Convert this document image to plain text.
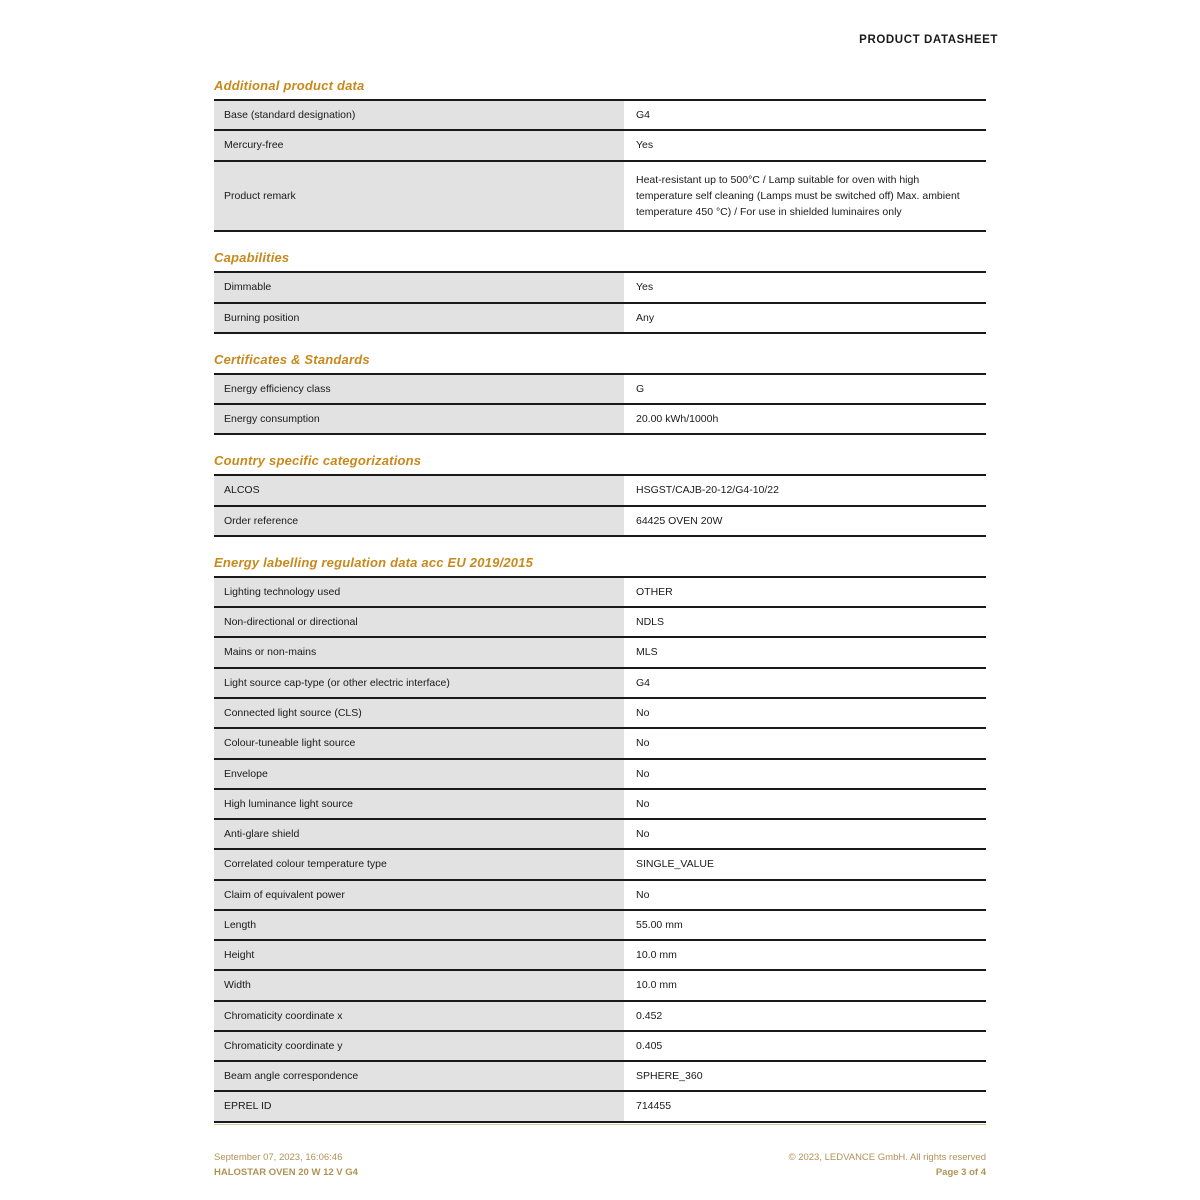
PRODUCT DATASHEET
Additional product data
Base (standard designation)	G4
Mercury-free	Yes
Product remark	Heat-resistant up to 500°C / Lamp suitable for oven with high temperature self cleaning (Lamps must be switched off) Max. ambient temperature 450 °C) / For use in shielded luminaires only
Capabilities
Dimmable	Yes
Burning position	Any
Certificates & Standards
Energy efficiency class	G
Energy consumption	20.00 kWh/1000h
Country specific categorizations
ALCOS	HSGST/CAJB-20-12/G4-10/22
Order reference	64425 OVEN 20W
Energy labelling regulation data acc EU 2019/2015
Lighting technology used	OTHER
Non-directional or directional	NDLS
Mains or non-mains	MLS
Light source cap-type (or other electric interface)	G4
Connected light source (CLS)	No
Colour-tuneable light source	No
Envelope	No
High luminance light source	No
Anti-glare shield	No
Correlated colour temperature type	SINGLE_VALUE
Claim of equivalent power	No
Length	55.00 mm
Height	10.0 mm
Width	10.0 mm
Chromaticity coordinate x	0.452
Chromaticity coordinate y	0.405
Beam angle correspondence	SPHERE_360
EPREL ID	714455
September 07, 2023, 16:06:46
HALOSTAR OVEN 20 W 12 V G4
© 2023, LEDVANCE GmbH. All rights reserved
Page 3 of 4
